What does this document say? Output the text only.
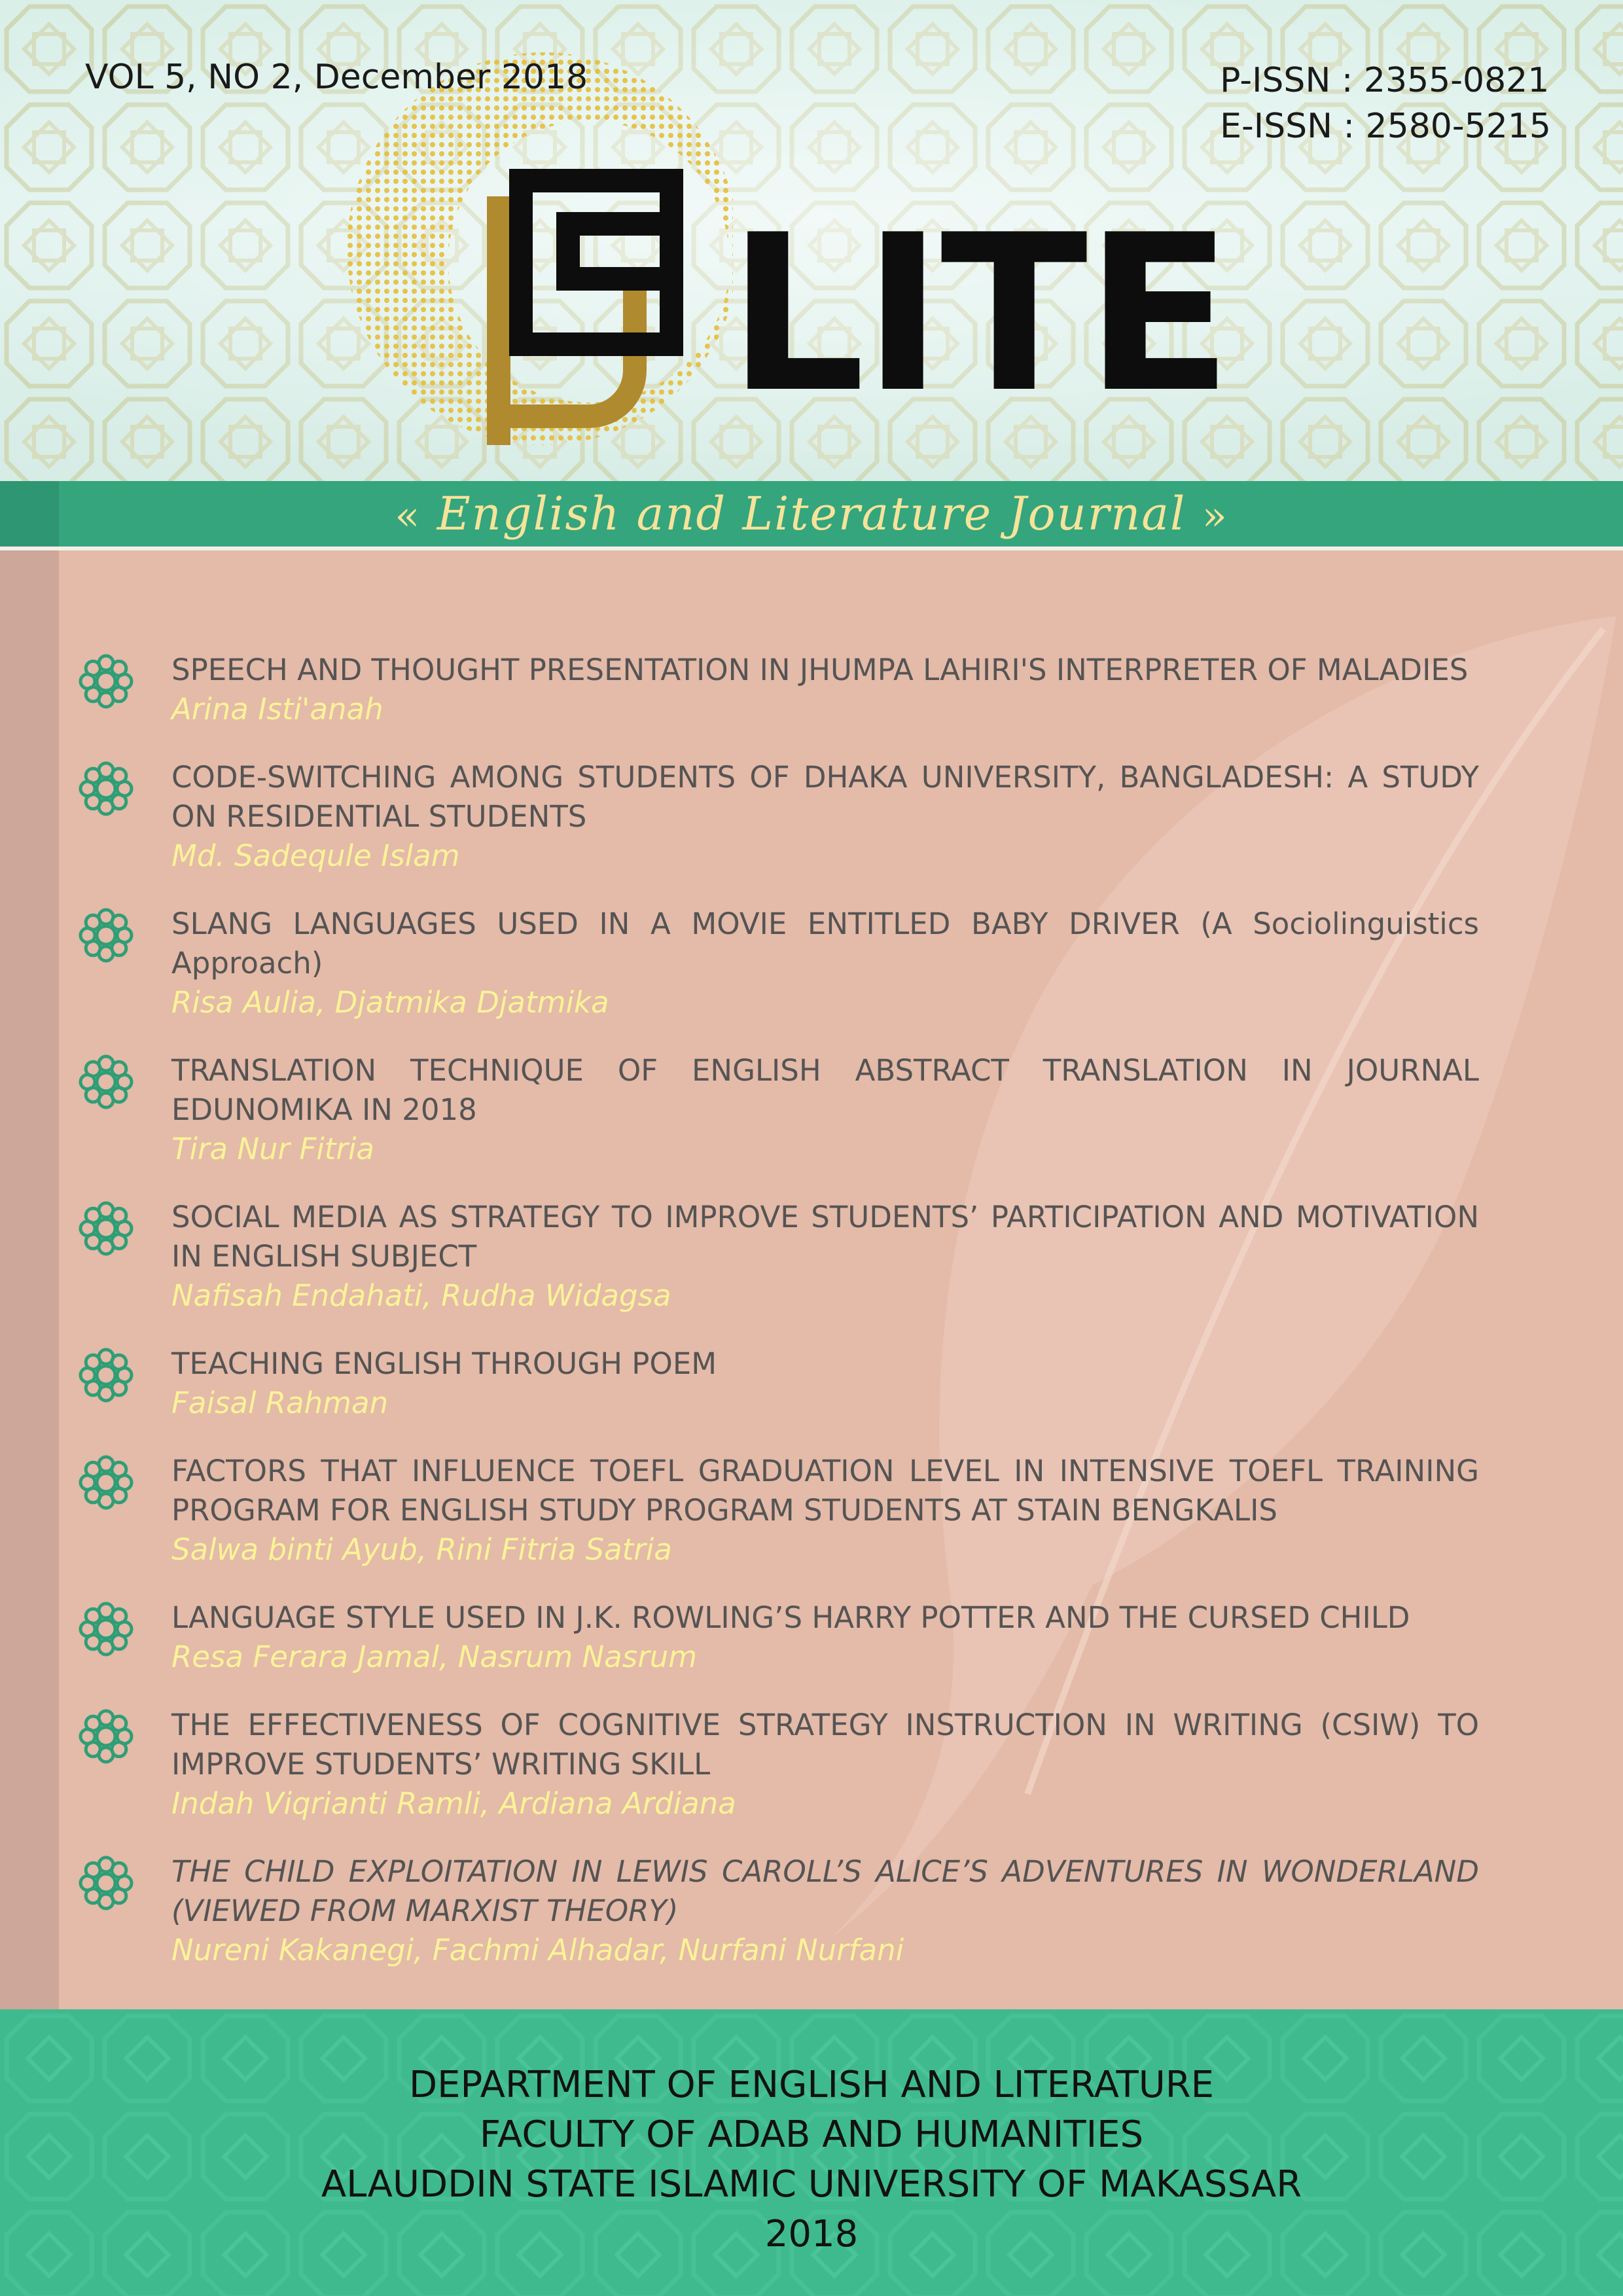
VOL 5, NO 2, December 2018	P-ISSN : 2355-0821
E-ISSN : 2580-5215
LITE
« English and Literature Journal »
SPEECH AND THOUGHT PRESENTATION IN JHUMPA LAHIRI'S INTERPRETER OF MALADIES
Arina Isti'anah
CODE-SWITCHING AMONG STUDENTS OF DHAKA UNIVERSITY, BANGLADESH: A STUDY ON RESIDENTIAL STUDENTS
Md. Sadequle Islam
SLANG LANGUAGES USED IN A MOVIE ENTITLED BABY DRIVER (A Sociolinguistics Approach)
Risa Aulia, Djatmika Djatmika
TRANSLATION TECHNIQUE OF ENGLISH ABSTRACT TRANSLATION IN JOURNAL EDUNOMIKA IN 2018
Tira Nur Fitria
SOCIAL MEDIA AS STRATEGY TO IMPROVE STUDENTS’ PARTICIPATION AND MOTIVATION IN ENGLISH SUBJECT
Nafisah Endahati, Rudha Widagsa
TEACHING ENGLISH THROUGH POEM
Faisal Rahman
FACTORS THAT INFLUENCE TOEFL GRADUATION LEVEL IN INTENSIVE TOEFL TRAINING PROGRAM FOR ENGLISH STUDY PROGRAM STUDENTS AT STAIN BENGKALIS
Salwa binti Ayub, Rini Fitria Satria
LANGUAGE STYLE USED IN J.K. ROWLING’S HARRY POTTER AND THE CURSED CHILD
Resa Ferara Jamal, Nasrum Nasrum
THE EFFECTIVENESS OF COGNITIVE STRATEGY INSTRUCTION IN WRITING (CSIW) TO IMPROVE STUDENTS’ WRITING SKILL
Indah Viqrianti Ramli, Ardiana Ardiana
THE CHILD EXPLOITATION IN LEWIS CAROLL’S ALICE’S ADVENTURES IN WONDERLAND (VIEWED FROM MARXIST THEORY)
Nureni Kakanegi, Fachmi Alhadar, Nurfani Nurfani
DEPARTMENT OF ENGLISH AND LITERATURE
FACULTY OF ADAB AND HUMANITIES
ALAUDDIN STATE ISLAMIC UNIVERSITY OF MAKASSAR
2018
